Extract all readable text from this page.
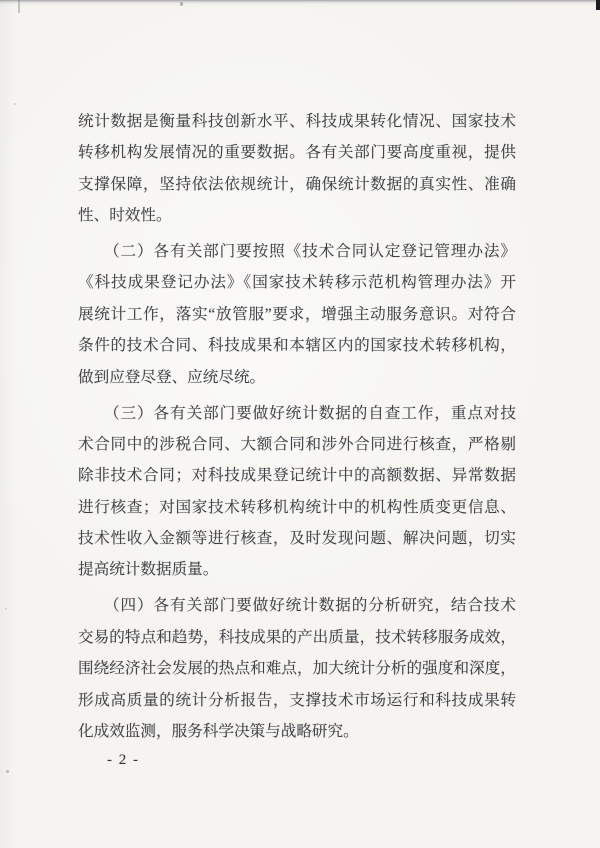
统计数据是衡量科技创新水平、科技成果转化情况、国家技术
转移机构发展情况的重要数据。各有关部门要高度重视，提供
支撑保障，坚持依法依规统计，确保统计数据的真实性、准确
性、时效性。
（二）各有关部门要按照《技术合同认定登记管理办法》
《科技成果登记办法》《国家技术转移示范机构管理办法》开
展统计工作，落实“放管服”要求，增强主动服务意识。对符合
条件的技术合同、科技成果和本辖区内的国家技术转移机构，
做到应登尽登、应统尽统。
（三）各有关部门要做好统计数据的自查工作，重点对技
术合同中的涉税合同、大额合同和涉外合同进行核查，严格剔
除非技术合同；对科技成果登记统计中的高额数据、异常数据
进行核查；对国家技术转移机构统计中的机构性质变更信息、
技术性收入金额等进行核查，及时发现问题、解决问题，切实
提高统计数据质量。
（四）各有关部门要做好统计数据的分析研究，结合技术
交易的特点和趋势，科技成果的产出质量，技术转移服务成效，
围绕经济社会发展的热点和难点，加大统计分析的强度和深度，
形成高质量的统计分析报告，支撑技术市场运行和科技成果转
化成效监测，服务科学决策与战略研究。
- 2 -
